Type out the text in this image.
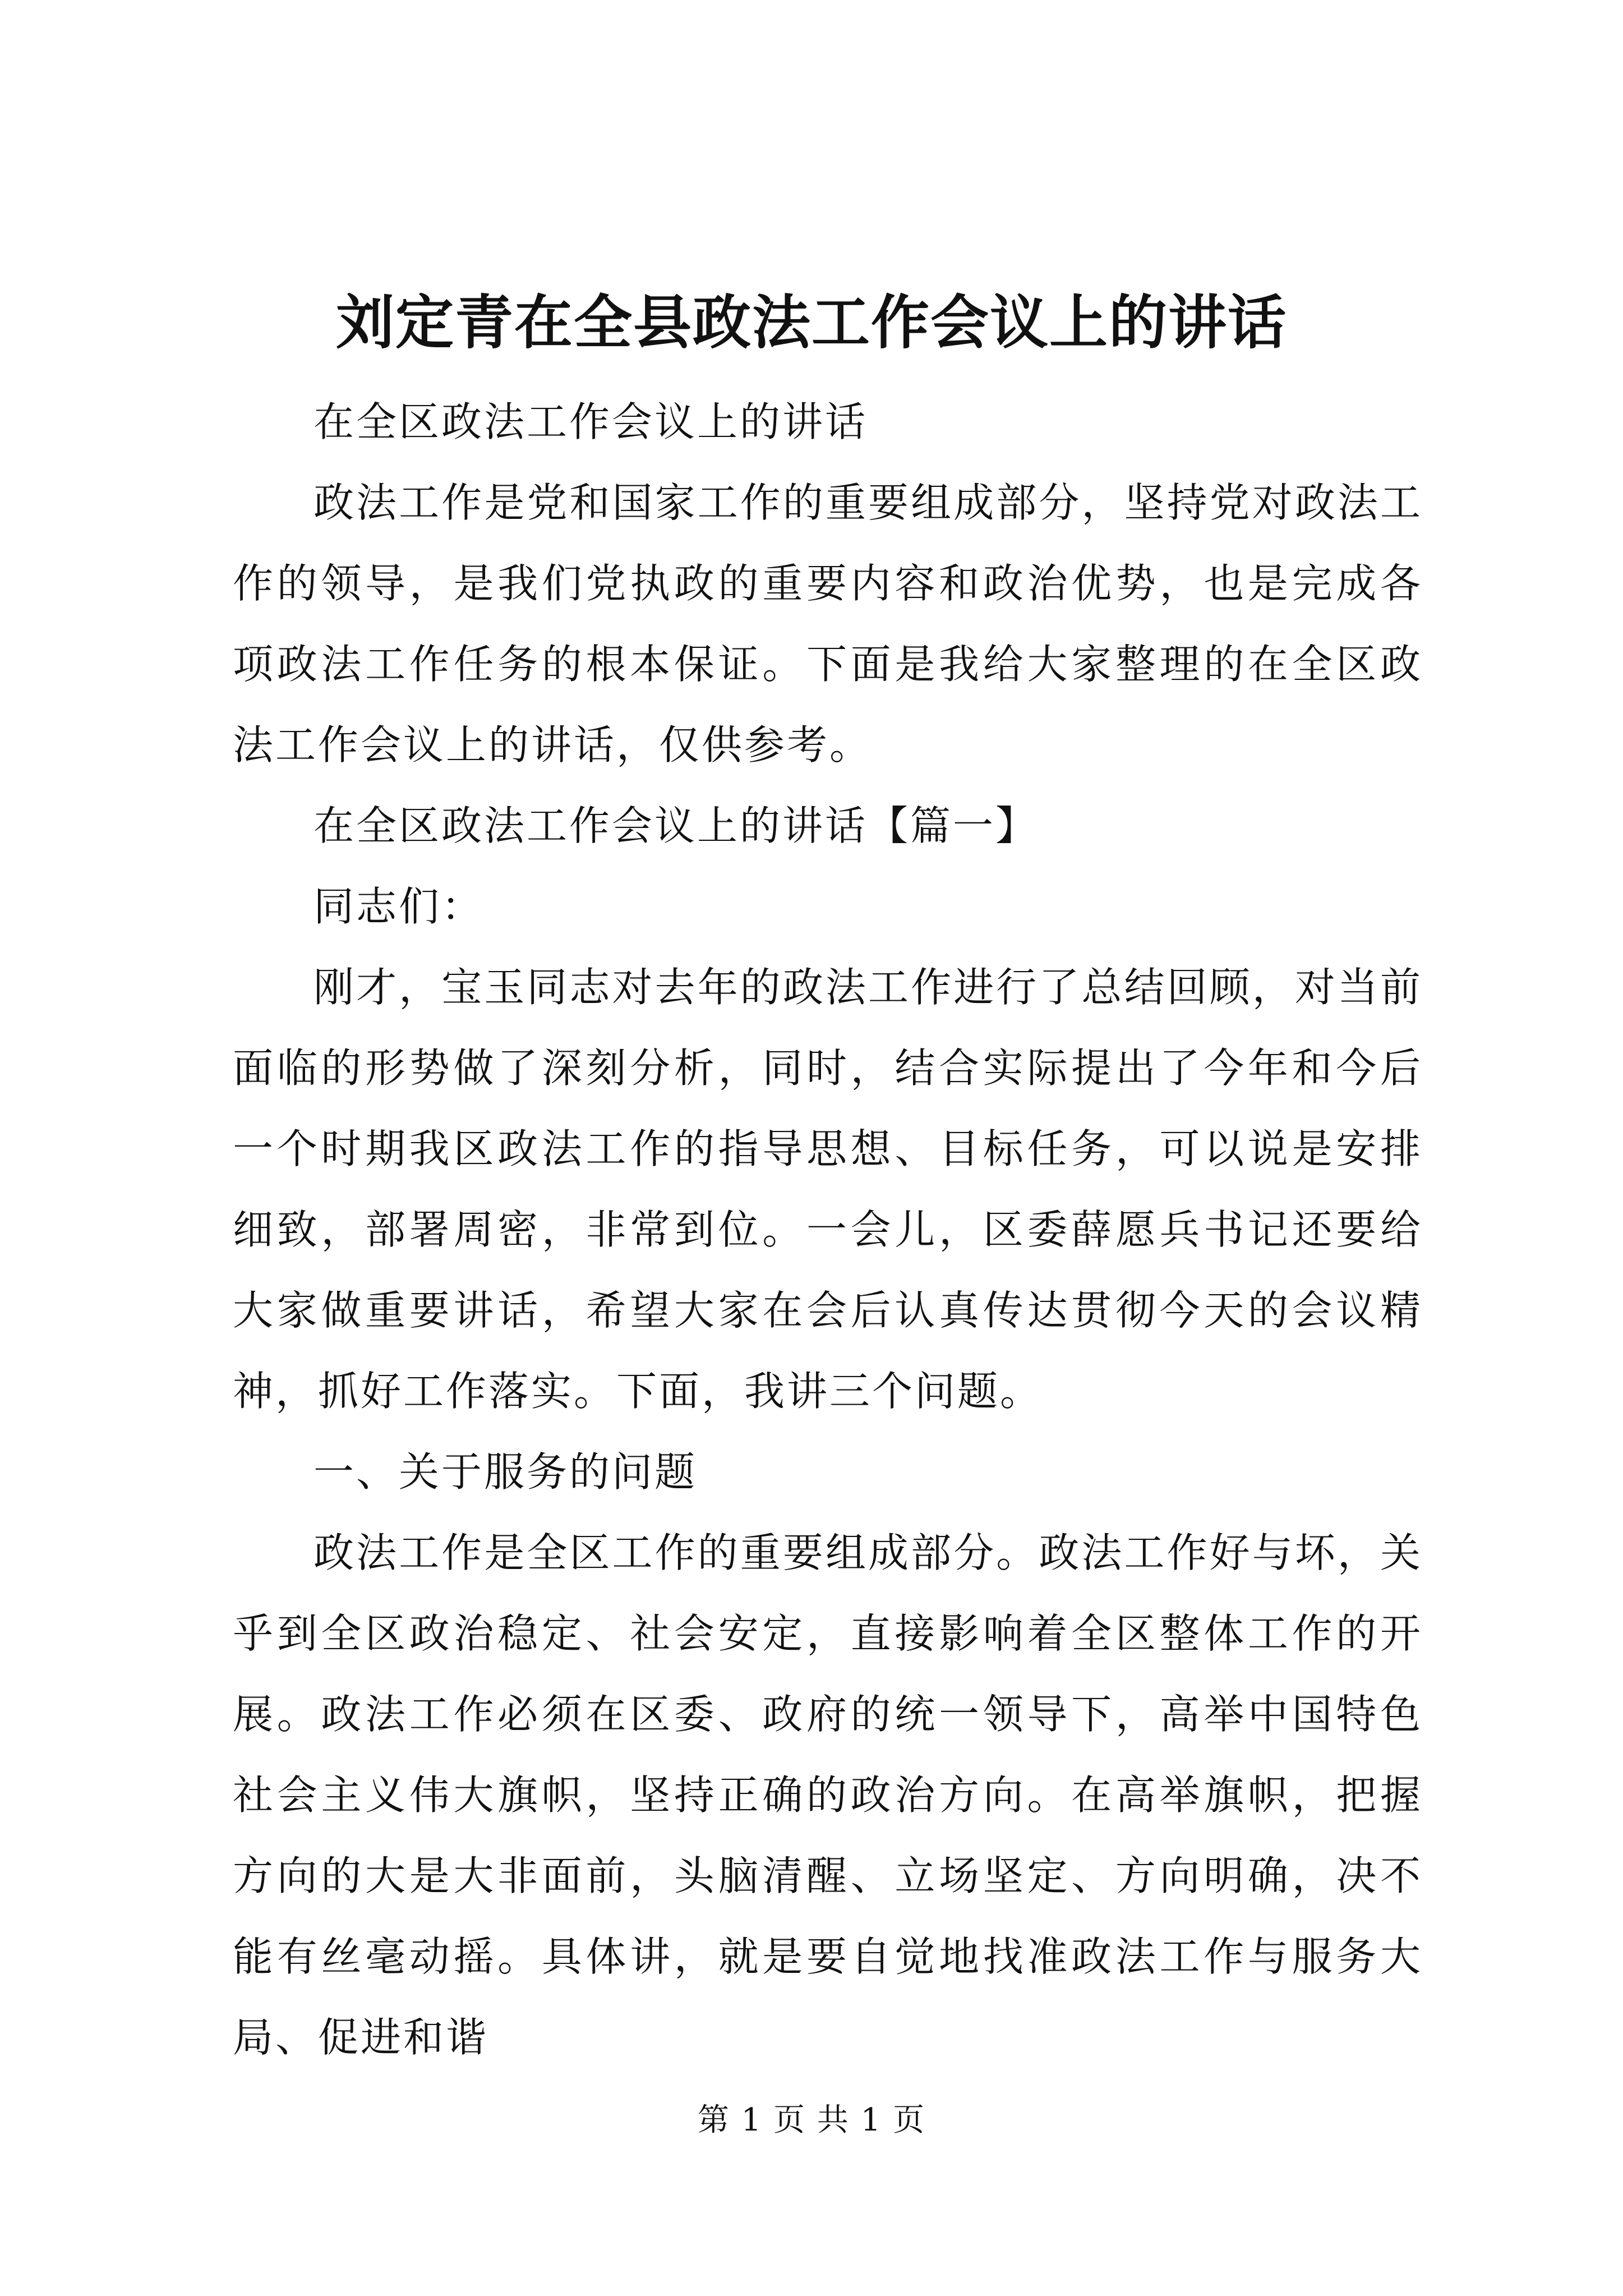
刘定青在全县政法工作会议上的讲话

在全区政法工作会议上的讲话

政法工作是党和国家工作的重要组成部分，坚持党对政法工作的领导，是我们党执政的重要内容和政治优势，也是完成各项政法工作任务的根本保证。下面是我给大家整理的在全区政法工作会议上的讲话，仅供参考。

在全区政法工作会议上的讲话【篇一】

同志们：

刚才，宝玉同志对去年的政法工作进行了总结回顾，对当前面临的形势做了深刻分析，同时，结合实际提出了今年和今后一个时期我区政法工作的指导思想、目标任务，可以说是安排细致，部署周密，非常到位。一会儿，区委薛愿兵书记还要给大家做重要讲话，希望大家在会后认真传达贯彻今天的会议精神，抓好工作落实。下面，我讲三个问题。

一、关于服务的问题

政法工作是全区工作的重要组成部分。政法工作好与坏，关乎到全区政治稳定、社会安定，直接影响着全区整体工作的开展。政法工作必须在区委、政府的统一领导下，高举中国特色社会主义伟大旗帜，坚持正确的政治方向。在高举旗帜，把握方向的大是大非面前，头脑清醒、立场坚定、方向明确，决不能有丝毫动摇。具体讲，就是要自觉地找准政法工作与服务大局、促进和谐

第 1 页 共 1 页
